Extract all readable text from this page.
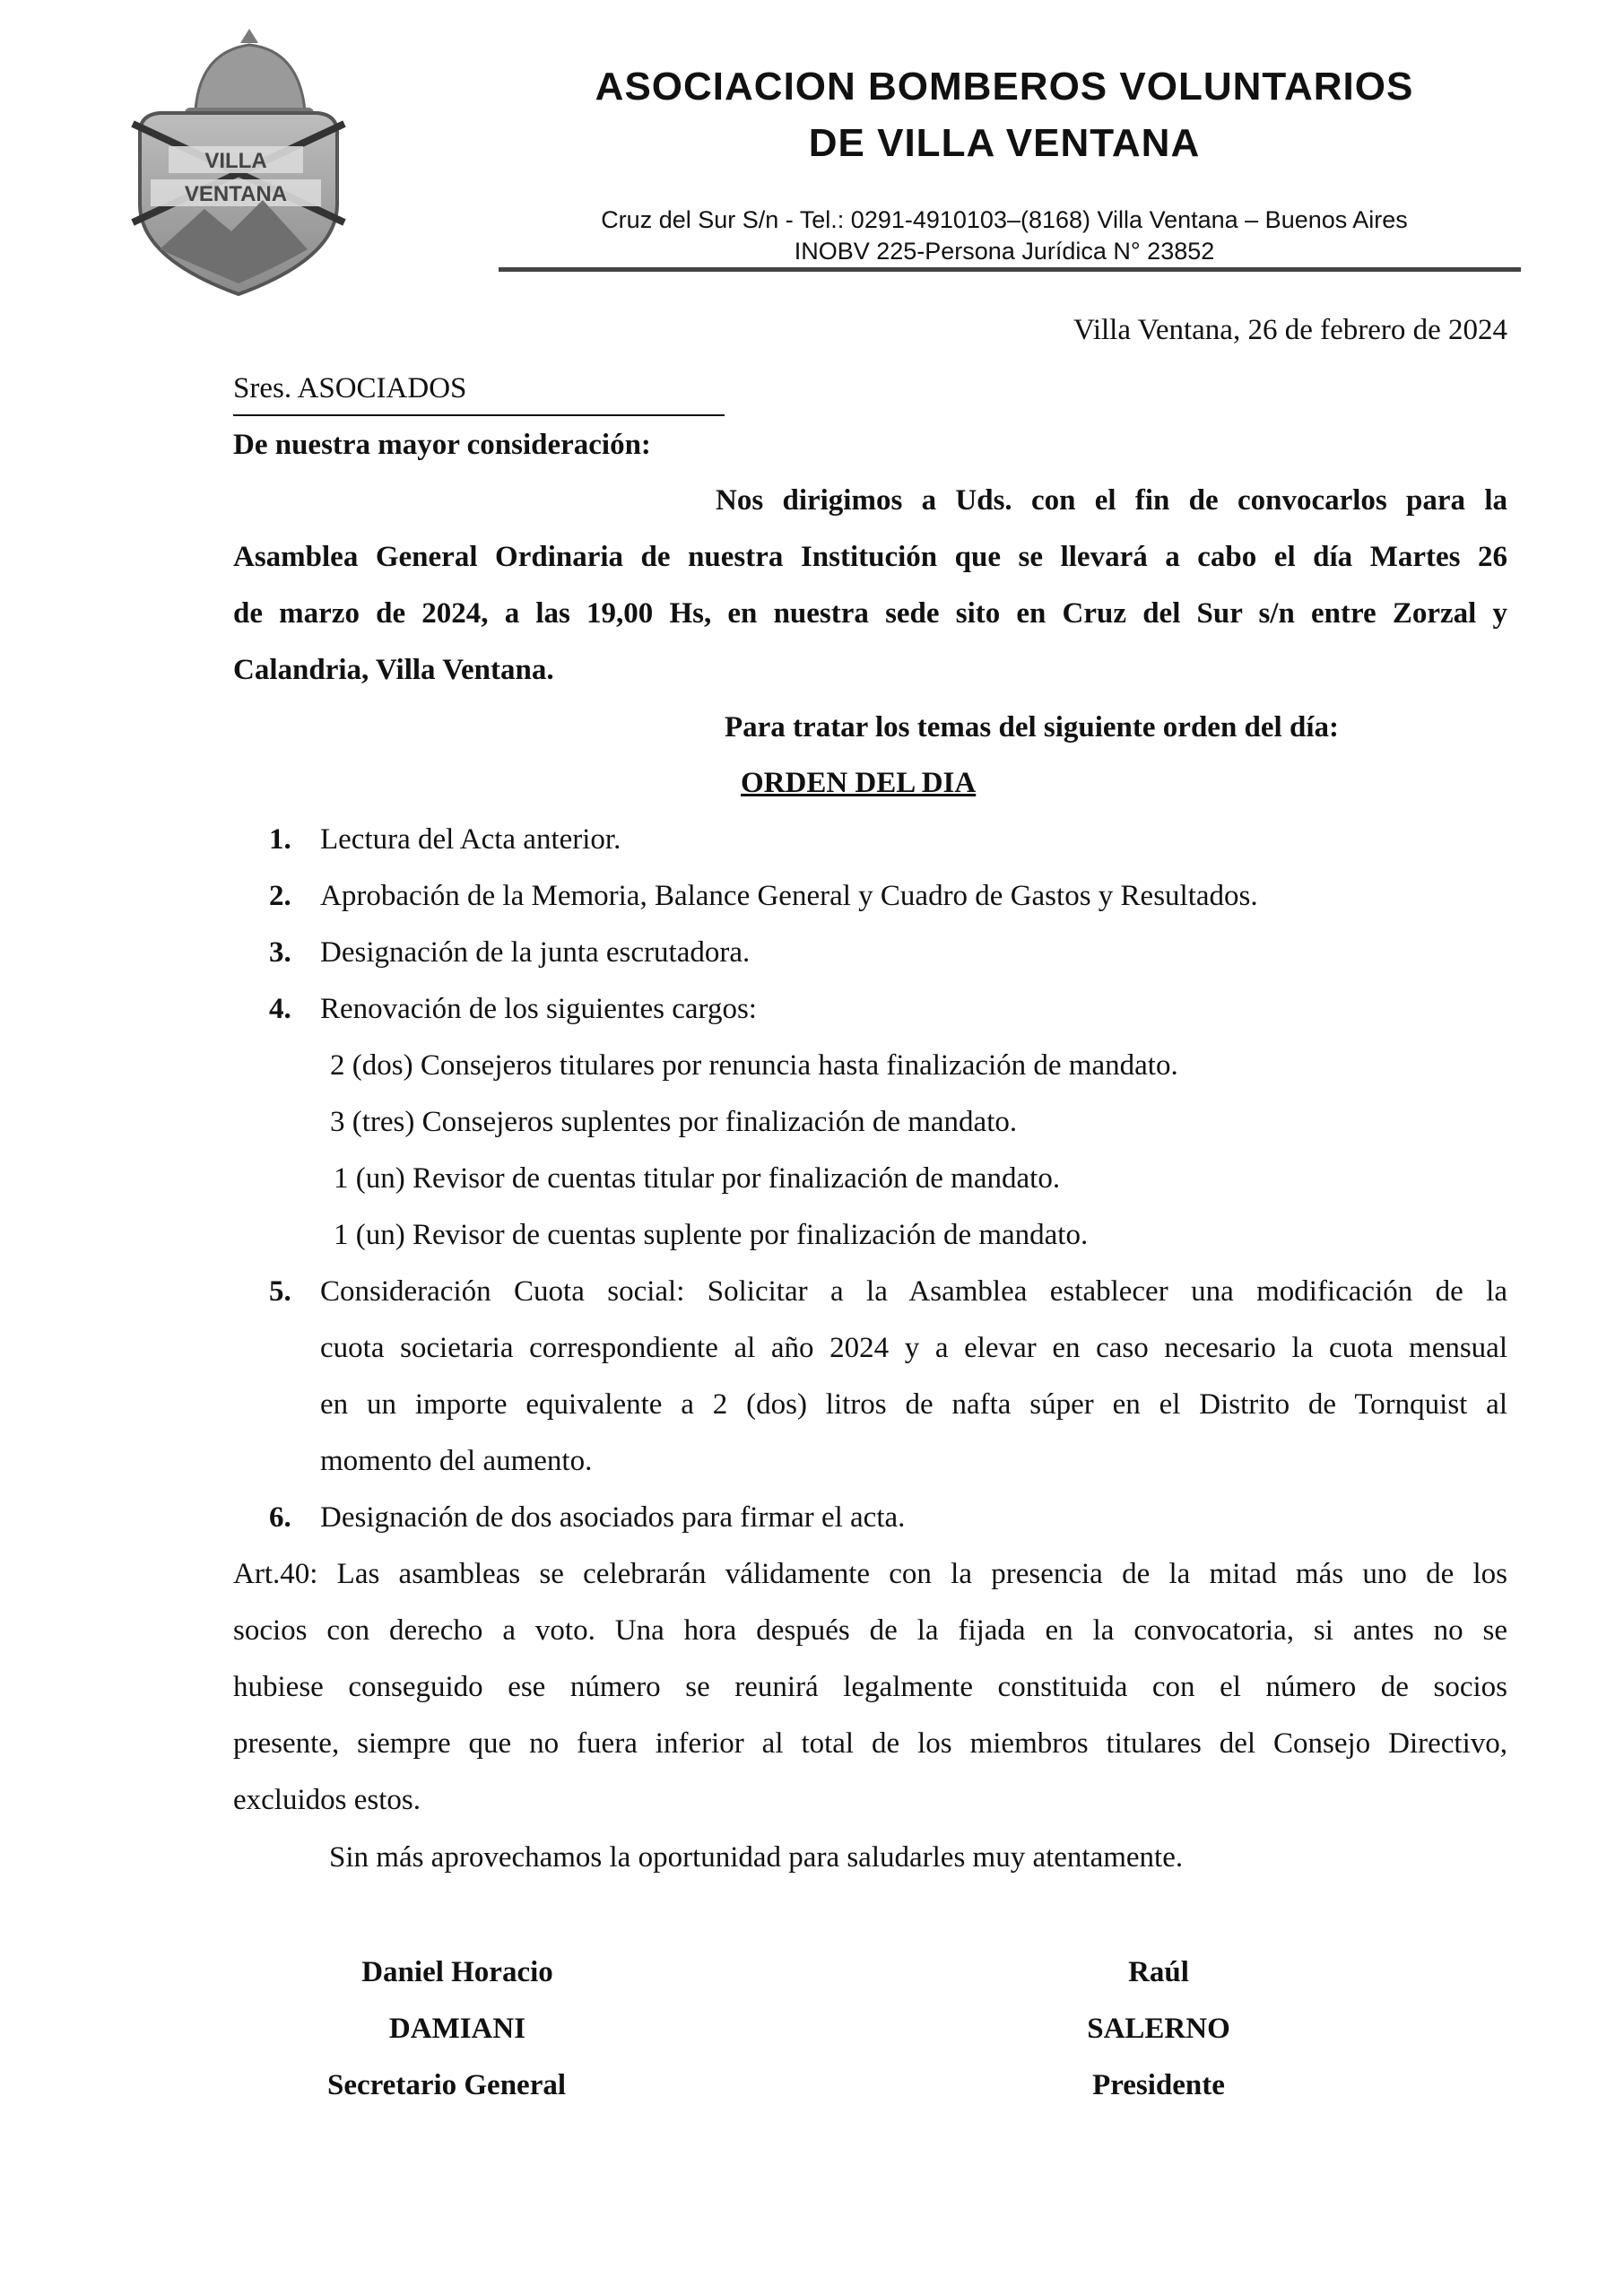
VILLA
VENTANA
ASOCIACION BOMBEROS VOLUNTARIOS
DE VILLA VENTANA
Cruz del Sur S/n - Tel.: 0291-4910103–(8168) Villa Ventana – Buenos Aires
INOBV 225-Persona Jurídica N° 23852
Villa Ventana, 26 de febrero de 2024
Sres. ASOCIADOS
De nuestra mayor consideración:
Nos dirigimos a Uds. con el fin de convocarlos para la
Asamblea General Ordinaria de nuestra Institución que se llevará a cabo el día Martes 26
de marzo de 2024, a las 19,00 Hs, en nuestra sede sito en Cruz del Sur s/n entre Zorzal y
Calandria, Villa Ventana.
Para tratar los temas del siguiente orden del día:
ORDEN DEL DIA
1. Lectura del Acta anterior.
2. Aprobación de la Memoria, Balance General y Cuadro de Gastos y Resultados.
3. Designación de la junta escrutadora.
4. Renovación de los siguientes cargos:
2 (dos) Consejeros titulares por renuncia hasta finalización de mandato.
3 (tres) Consejeros suplentes por finalización de mandato.
1 (un) Revisor de cuentas titular por finalización de mandato.
1 (un) Revisor de cuentas suplente por finalización de mandato.
5. Consideración Cuota social: Solicitar a la Asamblea establecer una modificación de la
cuota societaria correspondiente al año 2024 y a elevar en caso necesario la cuota mensual
en un importe equivalente a 2 (dos) litros de nafta súper en el Distrito de Tornquist al
momento del aumento.
6. Designación de dos asociados para firmar el acta.
Art.40: Las asambleas se celebrarán válidamente con la presencia de la mitad más uno de los
socios con derecho a voto. Una hora después de la fijada en la convocatoria, si antes no se
hubiese conseguido ese número se reunirá legalmente constituida con el número de socios
presente, siempre que no fuera inferior al total de los miembros titulares del Consejo Directivo,
excluidos estos.
Sin más aprovechamos la oportunidad para saludarles muy atentamente.
Daniel Horacio
DAMIANI
Secretario General
Raúl
SALERNO
Presidente
